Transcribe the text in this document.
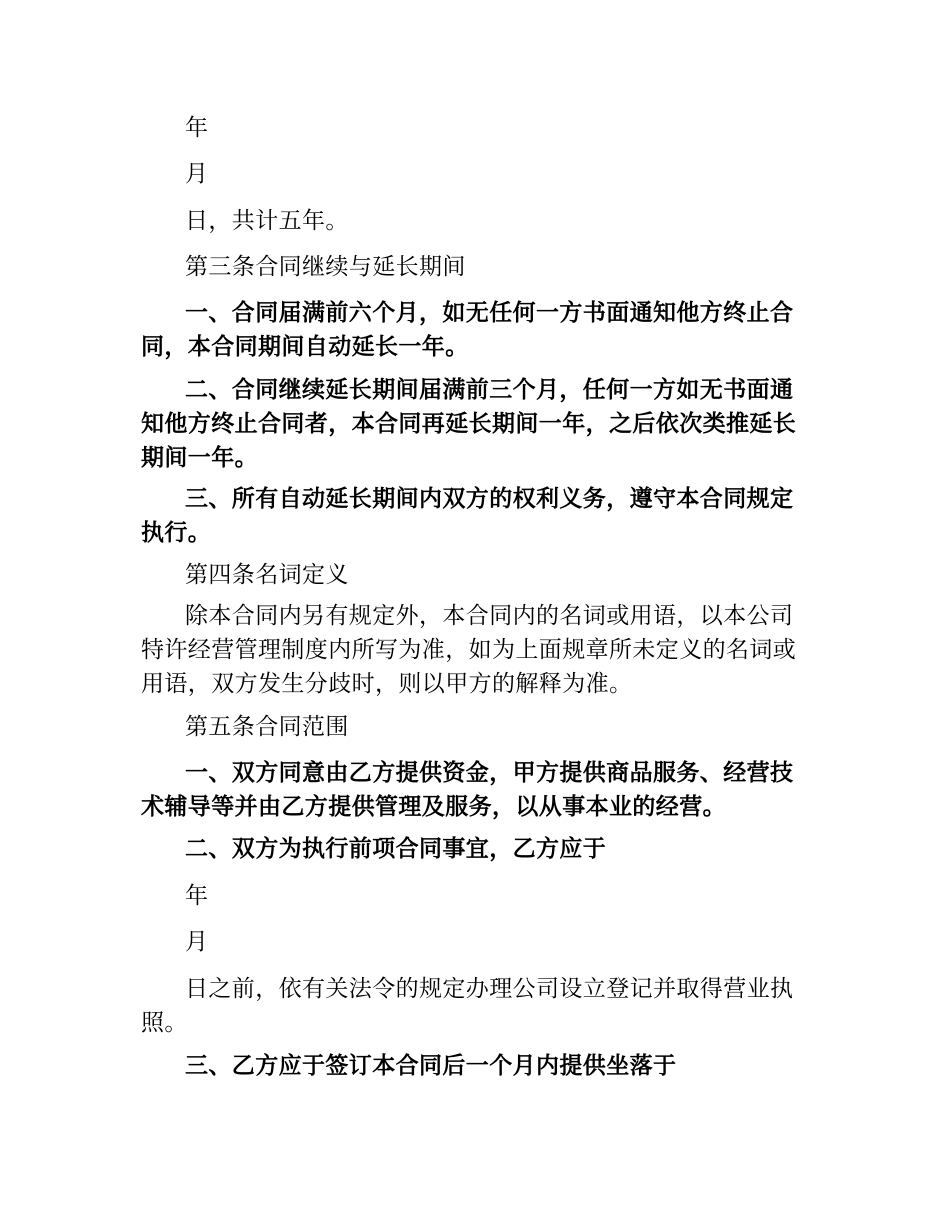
年

月

日，共计五年。

第三条合同继续与延长期间

一、合同届满前六个月，如无任何一方书面通知他方终止合同，本合同期间自动延长一年。

二、合同继续延长期间届满前三个月，任何一方如无书面通知他方终止合同者，本合同再延长期间一年，之后依次类推延长期间一年。

三、所有自动延长期间内双方的权利义务，遵守本合同规定执行。

第四条名词定义

除本合同内另有规定外，本合同内的名词或用语，以本公司特许经营管理制度内所写为准，如为上面规章所未定义的名词或用语，双方发生分歧时，则以甲方的解释为准。

第五条合同范围

一、双方同意由乙方提供资金，甲方提供商品服务、经营技术辅导等并由乙方提供管理及服务，以从事本业的经营。

二、双方为执行前项合同事宜，乙方应于

年

月

日之前，依有关法令的规定办理公司设立登记并取得营业执照。

三、乙方应于签订本合同后一个月内提供坐落于
